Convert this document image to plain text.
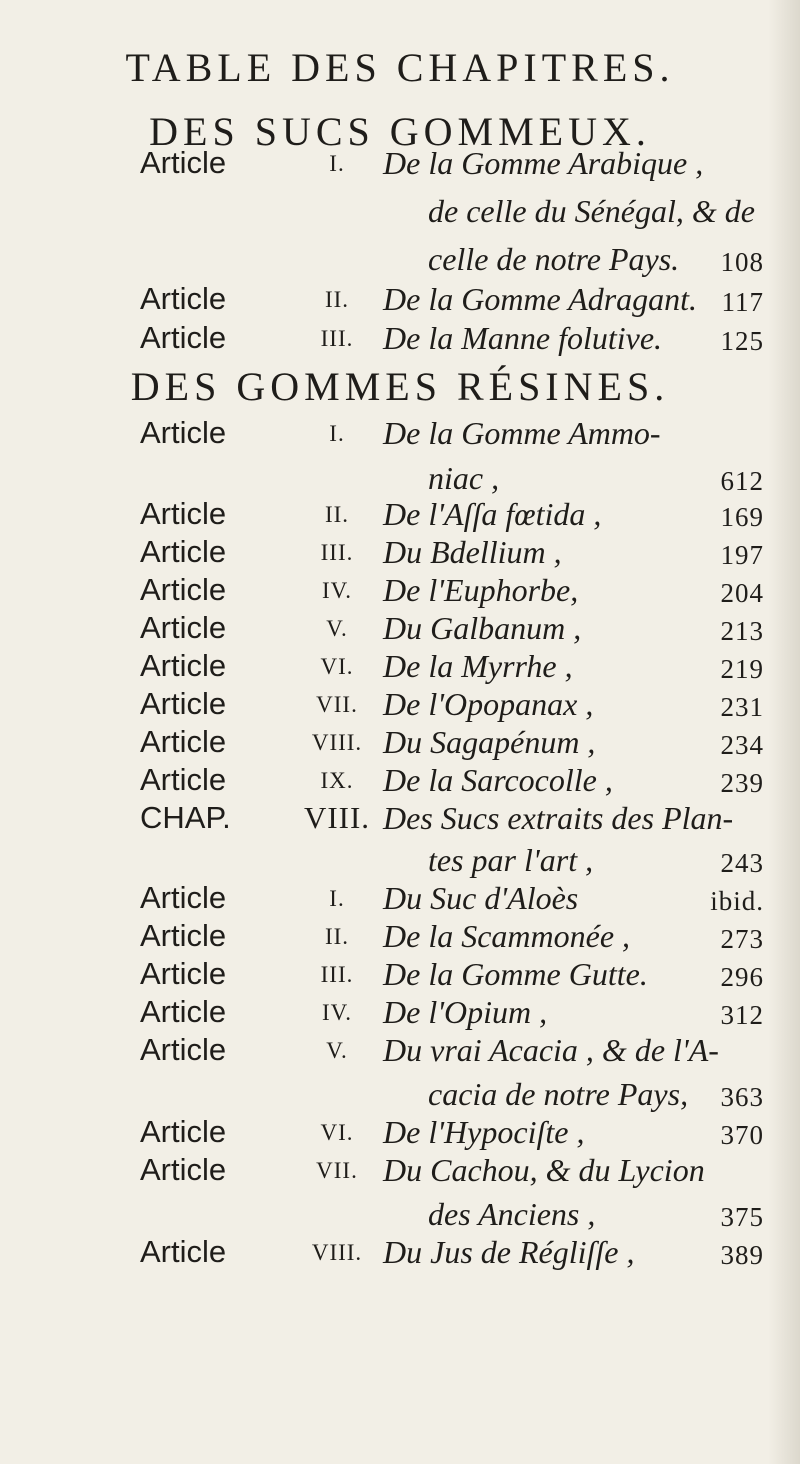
TABLE DES CHAPITRES.
DES SUCS GOMMEUX.
Article	I.	De la Gomme Arabique ,
de celle du Sénégal, & de
celle de notre Pays. 108
Article	II.	De la Gomme Adragant. 117
Article	III. De la Manne folutive. 125
DES GOMMES RÉSINES.
Article	I.	De la Gomme Ammo-
niac ,	612
Article	II.	De l'Aſſa fœtida ,	169
Article	III. Du Bdellium ,	197
Article	IV. De l'Euphorbe,	204
Article	V.	Du Galbanum ,	213
Article	VI. De la Myrrhe ,	219
Article	VII. De l'Opopanax ,	231
Article	VIII. Du Sagapénum ,	234
Article	IX. De la Sarcocolle ,	239
CHAP.	VIII. Des Sucs extraits des Plan-
tes par l'art ,	243
Article	I.	Du Suc d'Aloès	ibid.
Article	II.	De la Scammonée ,	273
Article	III. De la Gomme Gutte.	296
Article	IV. De l'Opium ,	312
Article	V.	Du vrai Acacia , & de l'A-
cacia de notre Pays, 363
Article	VI. De l'Hypociſte ,	370
Article	VII. Du Cachou, & du Lycion
des Anciens ,	375
Article	VIII. Du Jus de Régliſſe ,	389
